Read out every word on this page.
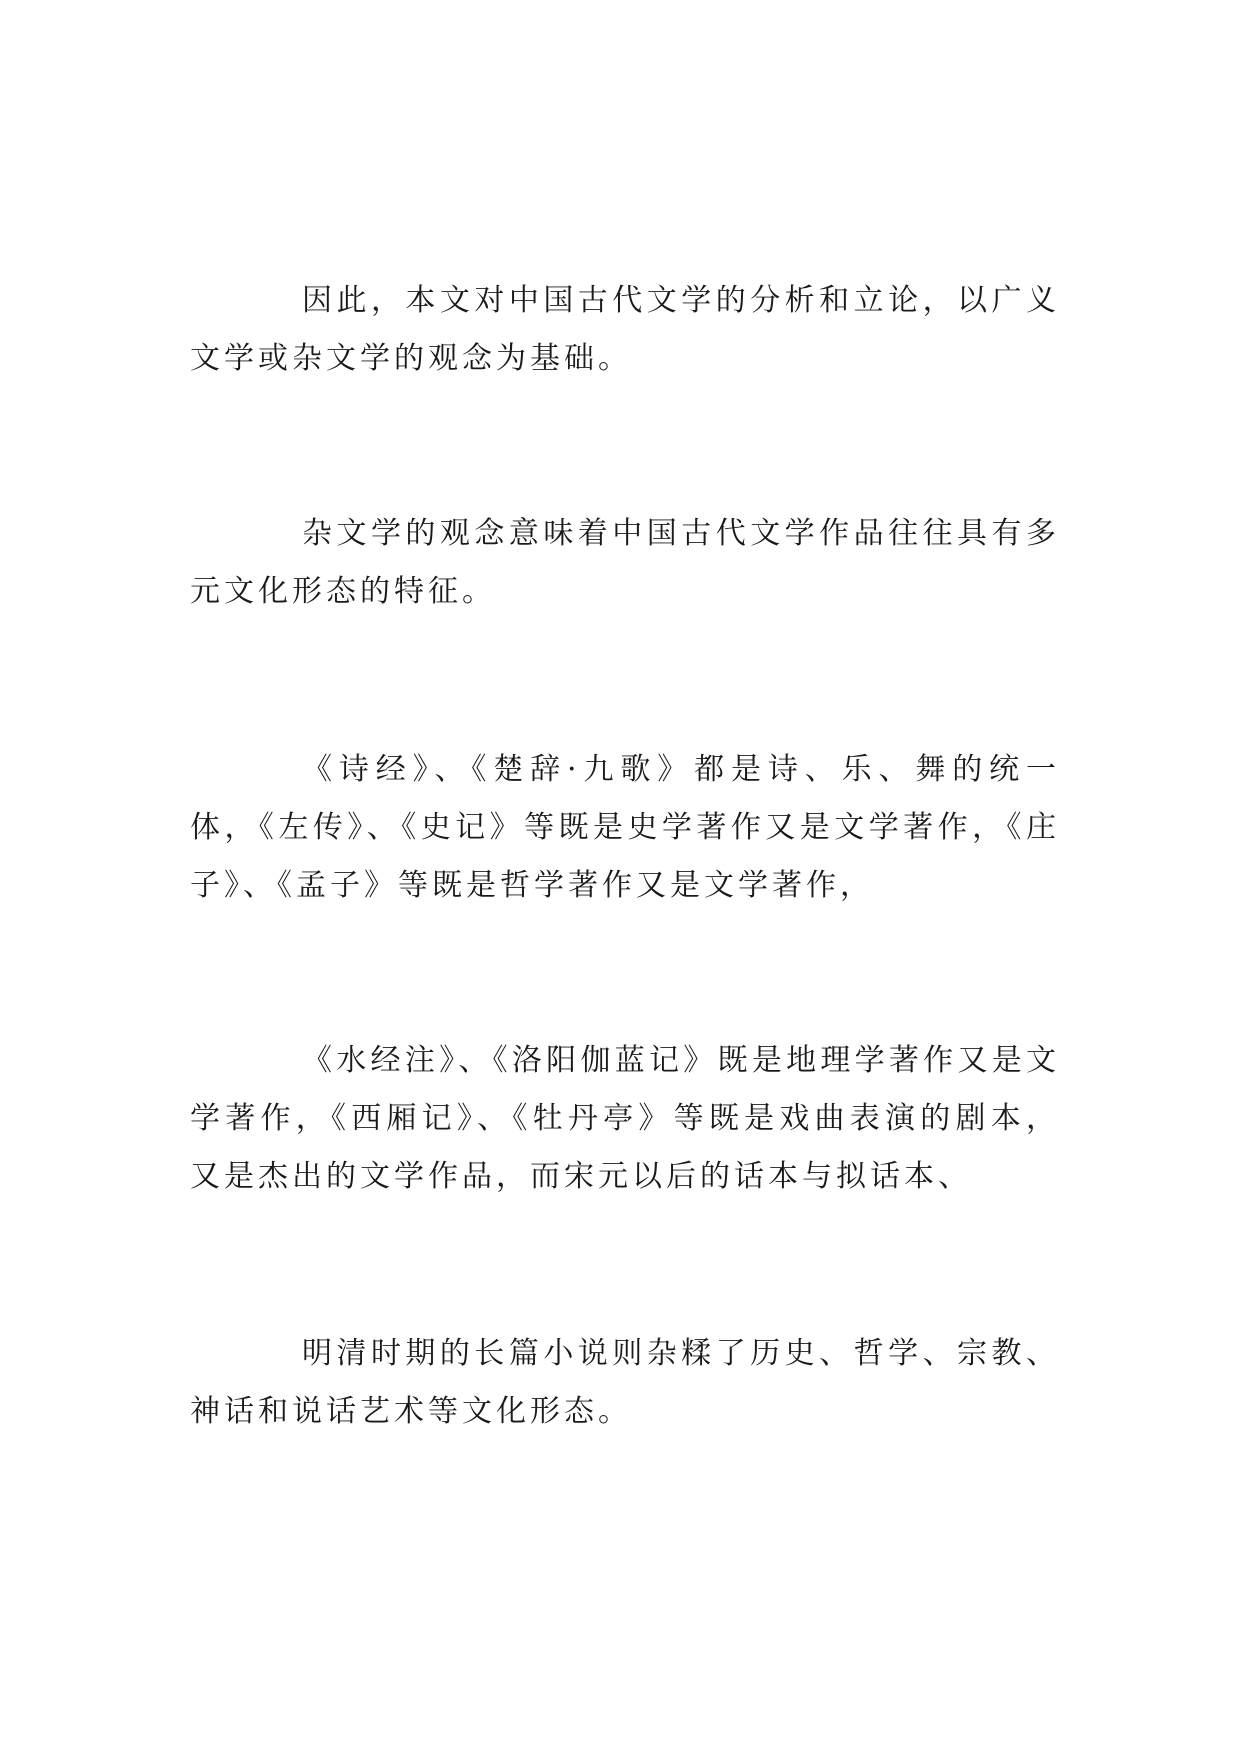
因此，本文对中国古代文学的分析和立论，以广义文学或杂文学的观念为基础。

杂文学的观念意味着中国古代文学作品往往具有多元文化形态的特征。

《诗经》、《楚辞·九歌》都是诗、乐、舞的统一体，《左传》、《史记》等既是史学著作又是文学著作，《庄子》、《孟子》等既是哲学著作又是文学著作，

《水经注》、《洛阳伽蓝记》既是地理学著作又是文学著作，《西厢记》、《牡丹亭》等既是戏曲表演的剧本，又是杰出的文学作品，而宋元以后的话本与拟话本、

明清时期的长篇小说则杂糅了历史、哲学、宗教、神话和说话艺术等文化形态。
